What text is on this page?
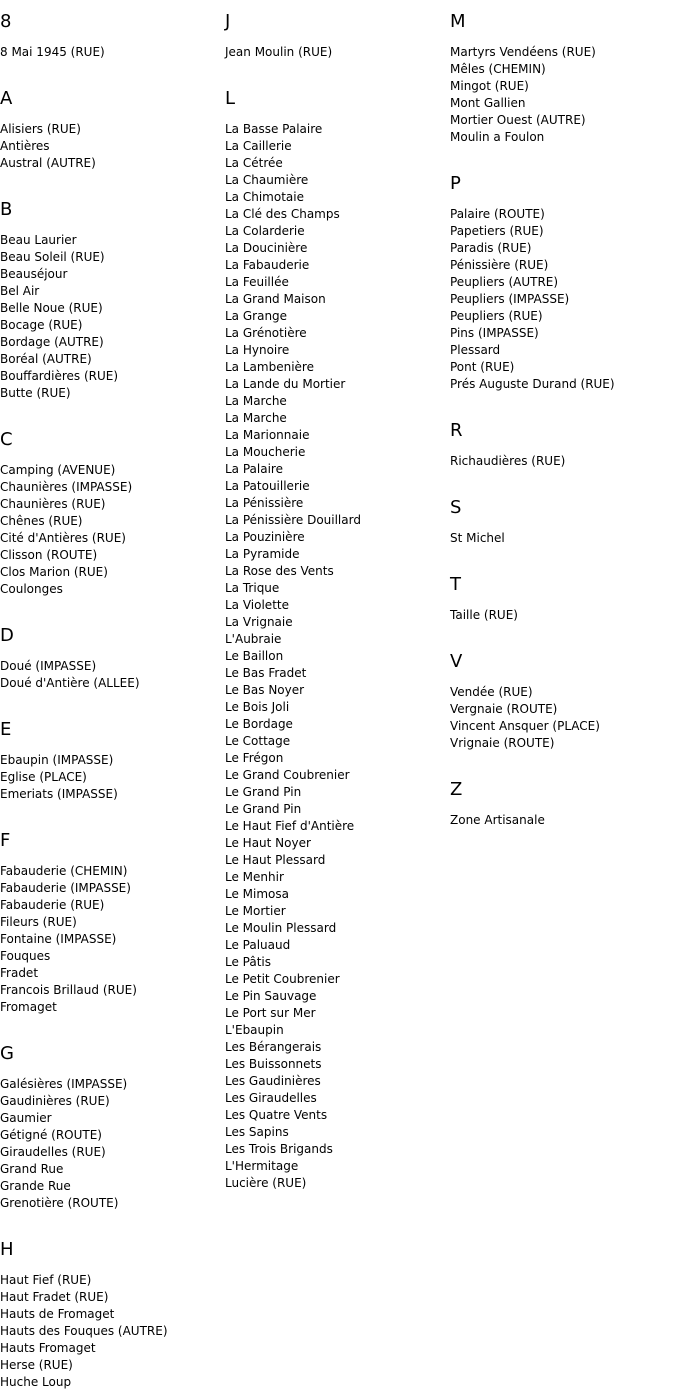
8
8 Mai 1945 (RUE)
A
Alisiers (RUE)
Antières
Austral (AUTRE)
B
Beau Laurier
Beau Soleil (RUE)
Beauséjour
Bel Air
Belle Noue (RUE)
Bocage (RUE)
Bordage (AUTRE)
Boréal (AUTRE)
Bouffardières (RUE)
Butte (RUE)
C
Camping (AVENUE)
Chaunières (IMPASSE)
Chaunières (RUE)
Chênes (RUE)
Cité d'Antières (RUE)
Clisson (ROUTE)
Clos Marion (RUE)
Coulonges
D
Doué (IMPASSE)
Doué d'Antière (ALLEE)
E
Ebaupin (IMPASSE)
Eglise (PLACE)
Emeriats (IMPASSE)
F
Fabauderie (CHEMIN)
Fabauderie (IMPASSE)
Fabauderie (RUE)
Fileurs (RUE)
Fontaine (IMPASSE)
Fouques
Fradet
Francois Brillaud (RUE)
Fromaget
G
Galésières (IMPASSE)
Gaudinières (RUE)
Gaumier
Gétigné (ROUTE)
Giraudelles (RUE)
Grand Rue
Grande Rue
Grenotière (ROUTE)
H
Haut Fief (RUE)
Haut Fradet (RUE)
Hauts de Fromaget
Hauts des Fouques (AUTRE)
Hauts Fromaget
Herse (RUE)
Huche Loup
J
Jean Moulin (RUE)
L
La Basse Palaire
La Caillerie
La Cétrée
La Chaumière
La Chimotaie
La Clé des Champs
La Colarderie
La Doucinière
La Fabauderie
La Feuillée
La Grand Maison
La Grange
La Grénotière
La Hynoire
La Lambenière
La Lande du Mortier
La Marche
La Marche
La Marionnaie
La Moucherie
La Palaire
La Patouillerie
La Pénissière
La Pénissière Douillard
La Pouzinière
La Pyramide
La Rose des Vents
La Trique
La Violette
La Vrignaie
L'Aubraie
Le Baillon
Le Bas Fradet
Le Bas Noyer
Le Bois Joli
Le Bordage
Le Cottage
Le Frégon
Le Grand Coubrenier
Le Grand Pin
Le Grand Pin
Le Haut Fief d'Antière
Le Haut Noyer
Le Haut Plessard
Le Menhir
Le Mimosa
Le Mortier
Le Moulin Plessard
Le Paluaud
Le Pâtis
Le Petit Coubrenier
Le Pin Sauvage
Le Port sur Mer
L'Ebaupin
Les Bérangerais
Les Buissonnets
Les Gaudinières
Les Giraudelles
Les Quatre Vents
Les Sapins
Les Trois Brigands
L'Hermitage
Lucière (RUE)
M
Martyrs Vendéens (RUE)
Mêles (CHEMIN)
Mingot (RUE)
Mont Gallien
Mortier Ouest (AUTRE)
Moulin a Foulon
P
Palaire (ROUTE)
Papetiers (RUE)
Paradis (RUE)
Pénissière (RUE)
Peupliers (AUTRE)
Peupliers (IMPASSE)
Peupliers (RUE)
Pins (IMPASSE)
Plessard
Pont (RUE)
Prés Auguste Durand (RUE)
R
Richaudières (RUE)
S
St Michel
T
Taille (RUE)
V
Vendée (RUE)
Vergnaie (ROUTE)
Vincent Ansquer (PLACE)
Vrignaie (ROUTE)
Z
Zone Artisanale
